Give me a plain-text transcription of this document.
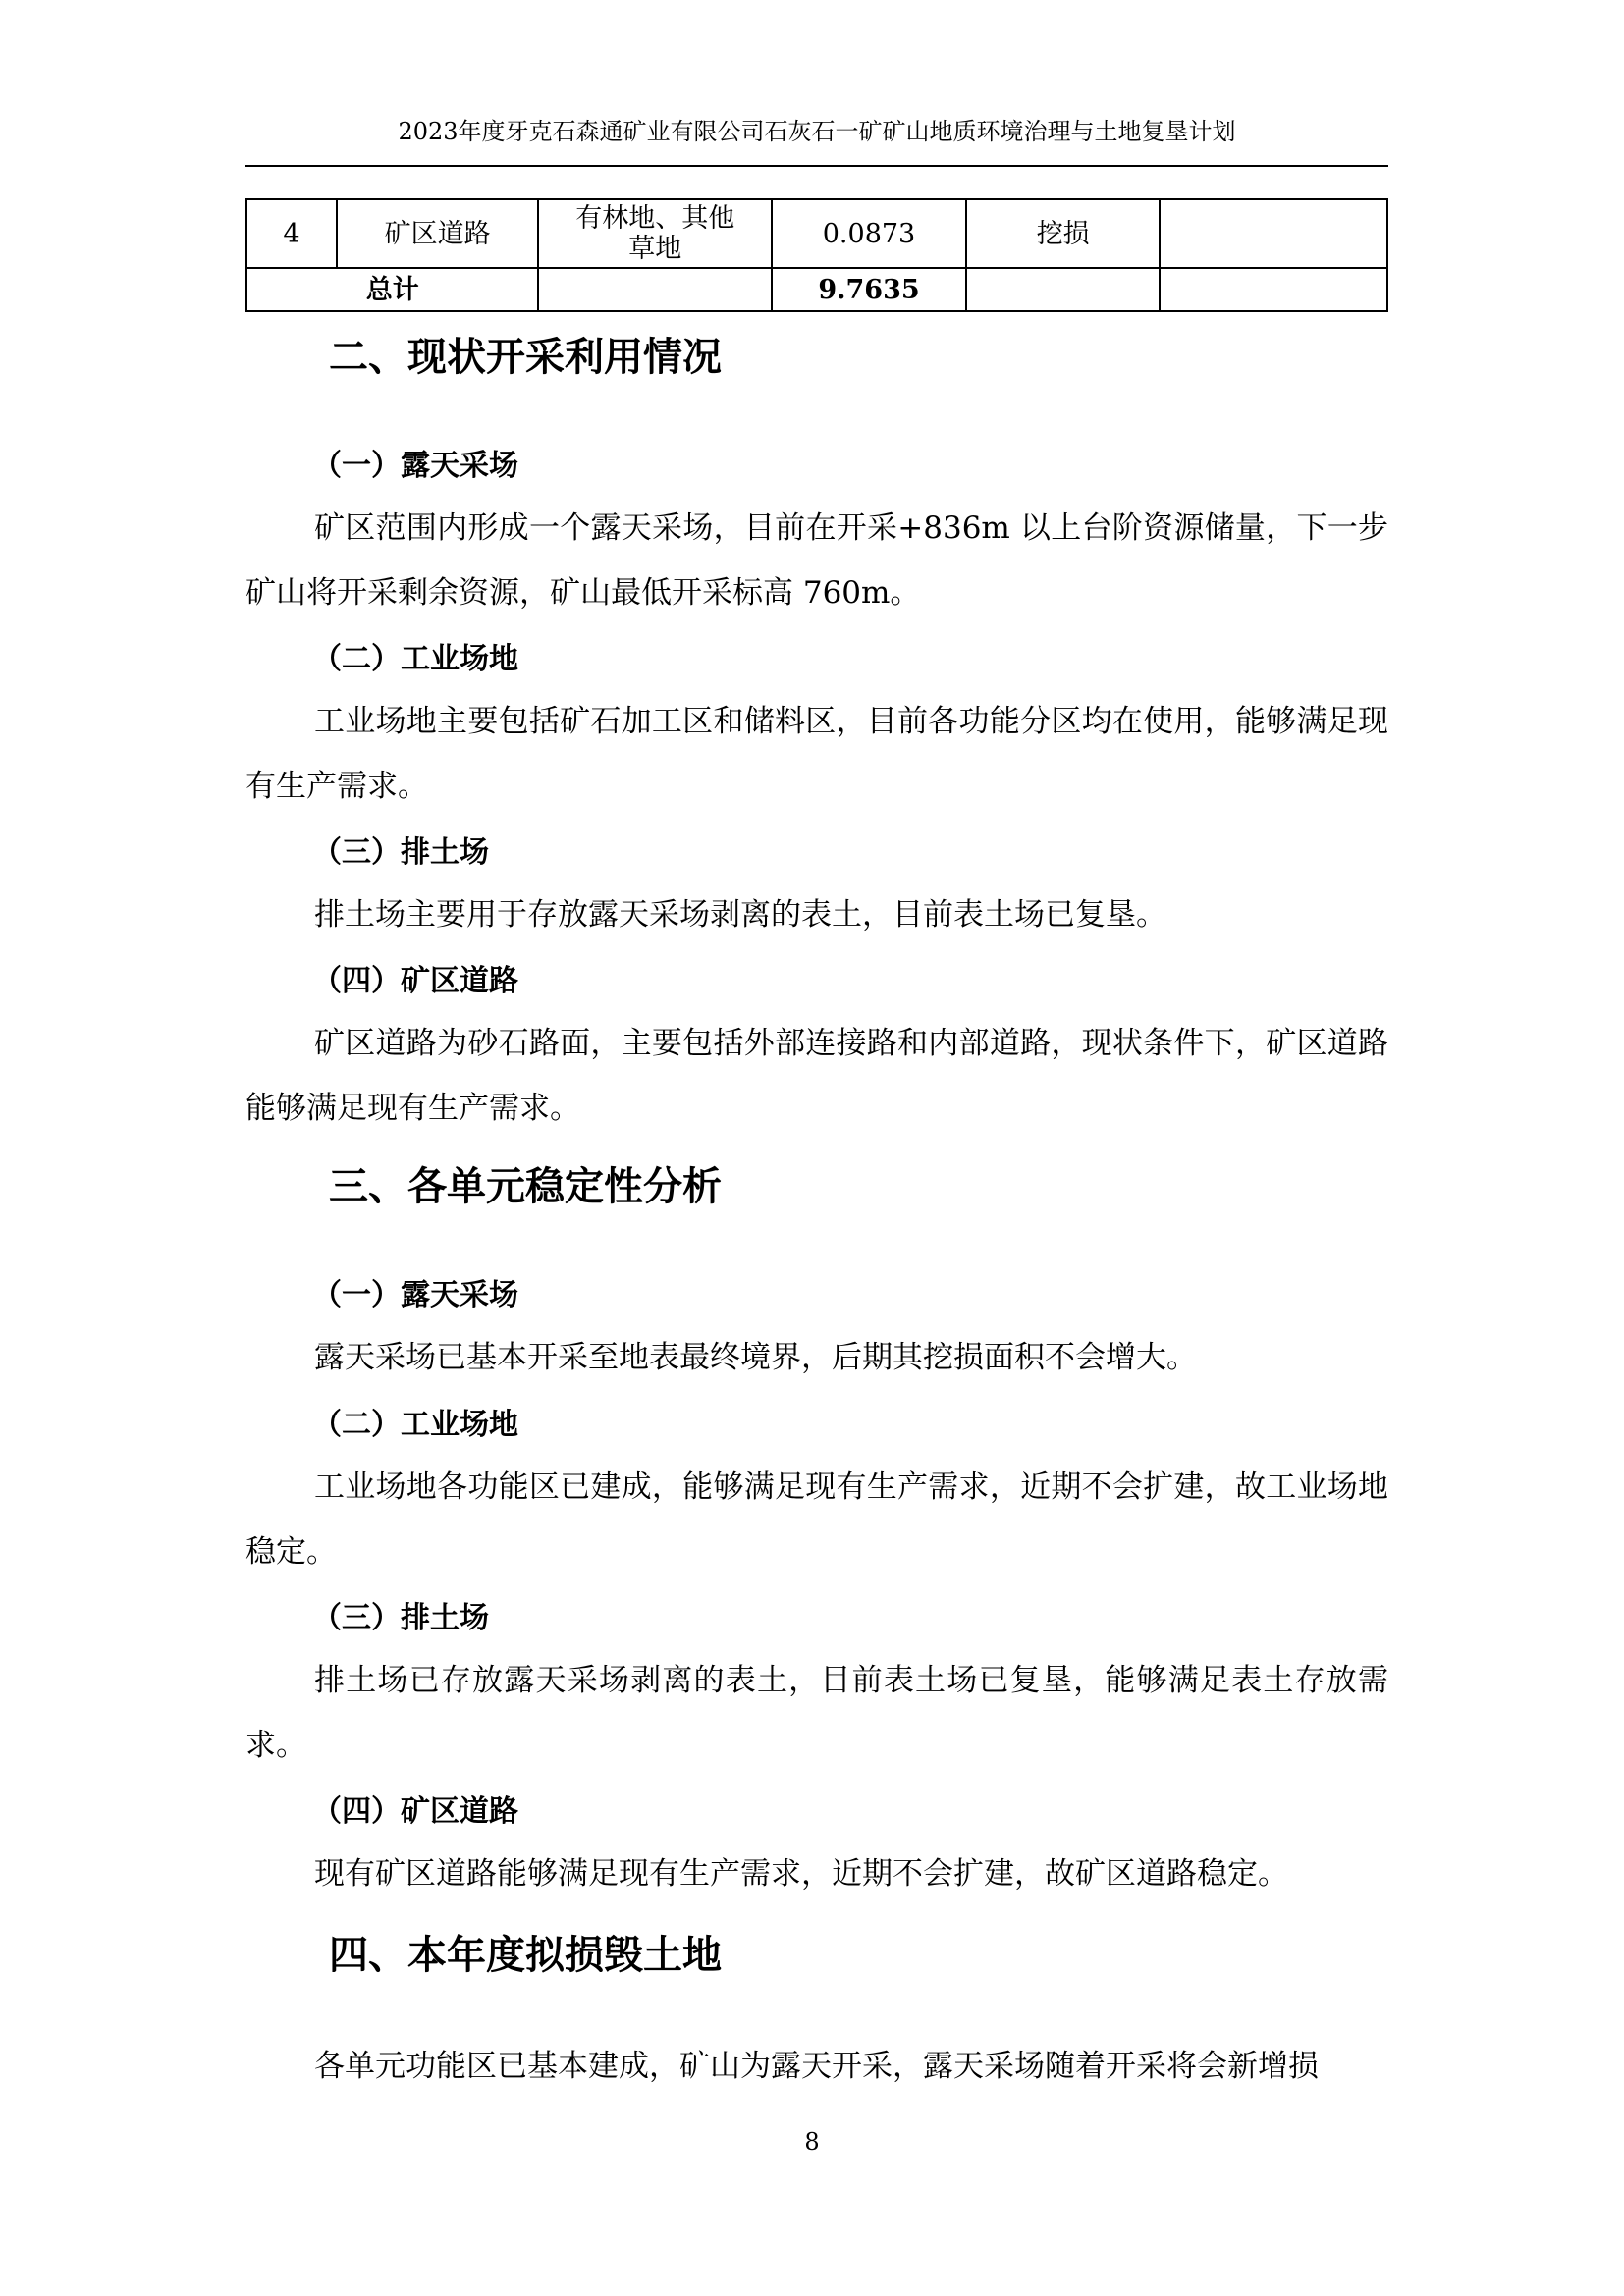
2023年度牙克石森通矿业有限公司石灰石一矿矿山地质环境治理与土地复垦计划
4	矿区道路	有林地、其他草地	0.0873	挖损	
总计			9.7635		
二、现状开采利用情况
（一）露天采场
矿区范围内形成一个露天采场，目前在开采+836m 以上台阶资源储量，下一步矿山将开采剩余资源，矿山最低开采标高 760m。
（二）工业场地
工业场地主要包括矿石加工区和储料区，目前各功能分区均在使用，能够满足现有生产需求。
（三）排土场
排土场主要用于存放露天采场剥离的表土，目前表土场已复垦。
（四）矿区道路
矿区道路为砂石路面，主要包括外部连接路和内部道路，现状条件下，矿区道路能够满足现有生产需求。
三、各单元稳定性分析
（一）露天采场
露天采场已基本开采至地表最终境界，后期其挖损面积不会增大。
（二）工业场地
工业场地各功能区已建成，能够满足现有生产需求，近期不会扩建，故工业场地稳定。
（三）排土场
排土场已存放露天采场剥离的表土，目前表土场已复垦，能够满足表土存放需求。
（四）矿区道路
现有矿区道路能够满足现有生产需求，近期不会扩建，故矿区道路稳定。
四、本年度拟损毁土地
各单元功能区已基本建成，矿山为露天开采，露天采场随着开采将会新增损
8
